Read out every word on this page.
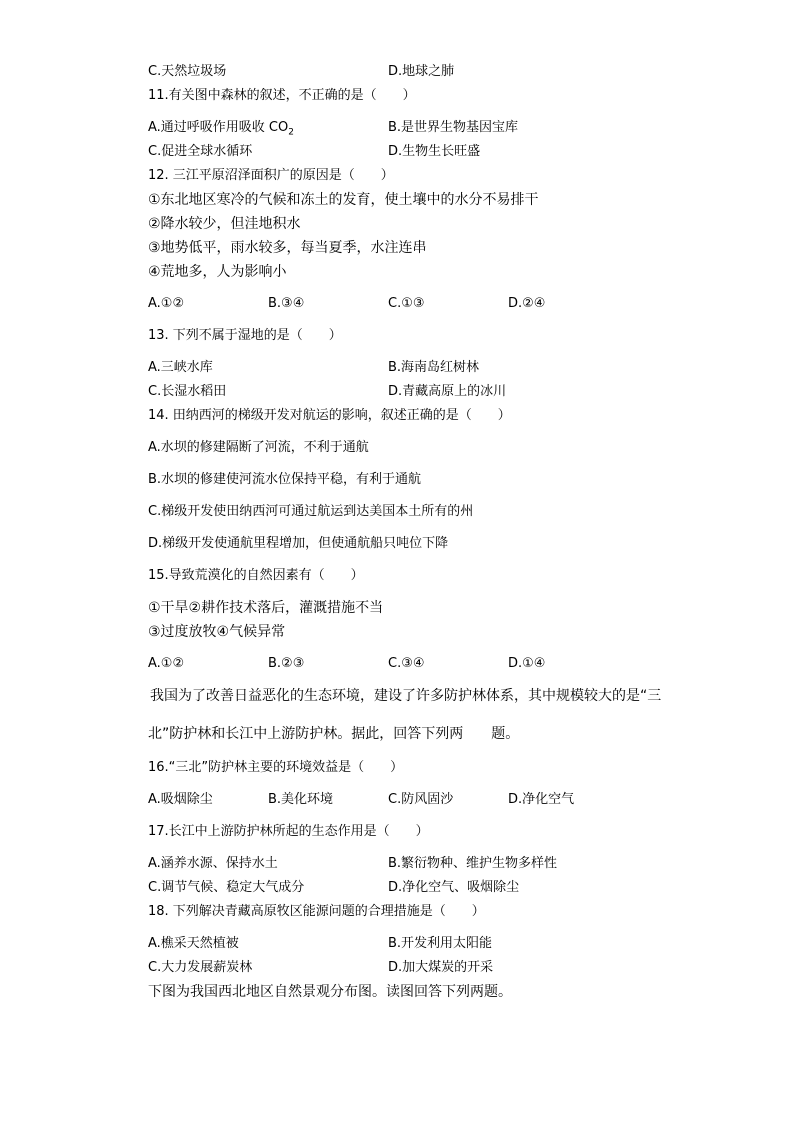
C.天然垃圾场	D.地球之肺
11.有关图中森林的叙述，不正确的是（　　）
A.通过呼吸作用吸收 $CO_2$	B.是世界生物基因宝库
C.促进全球水循环	D.生物生长旺盛
12. 三江平原沼泽面积广的原因是（　　）
①东北地区寒冷的气候和冻土的发育，使土壤中的水分不易排干
②降水较少，但洼地积水
③地势低平，雨水较多，每当夏季，水注连串
④荒地多，人为影响小
A.①②	B.③④	C.①③	D.②④
13. 下列不属于湿地的是（　　）
A.三峡水库	B.海南岛红树林
C.长湿水稻田	D.青藏高原上的冰川
14. 田纳西河的梯级开发对航运的影响，叙述正确的是（　　）
A.水坝的修建隔断了河流，不利于通航
B.水坝的修建使河流水位保持平稳，有利于通航
C.梯级开发使田纳西河可通过航运到达美国本土所有的州
D.梯级开发使通航里程增加，但使通航船只吨位下降
15.导致荒漠化的自然因素有（　　）
①干旱②耕作技术落后，灌溉措施不当
③过度放牧④气候异常
A.①②	B.②③	C.③④	D.①④
我国为了改善日益恶化的生态环境，建设了许多防护林体系，其中规模较大的是“三
北”防护林和长江中上游防护林。据此，回答下列两　　题。
16.“三北”防护林主要的环境效益是（　　）
A.吸烟除尘	B.美化环境	C.防风固沙	D.净化空气
17.长江中上游防护林所起的生态作用是（　　）
A.涵养水源、保持水土	B.繁衍物种、维护生物多样性
C.调节气候、稳定大气成分	D.净化空气、吸烟除尘
18. 下列解决青藏高原牧区能源问题的合理措施是（　　）
A.樵采天然植被	B.开发利用太阳能
C.大力发展薪炭林	D.加大煤炭的开采
下图为我国西北地区自然景观分布图。读图回答下列两题。
